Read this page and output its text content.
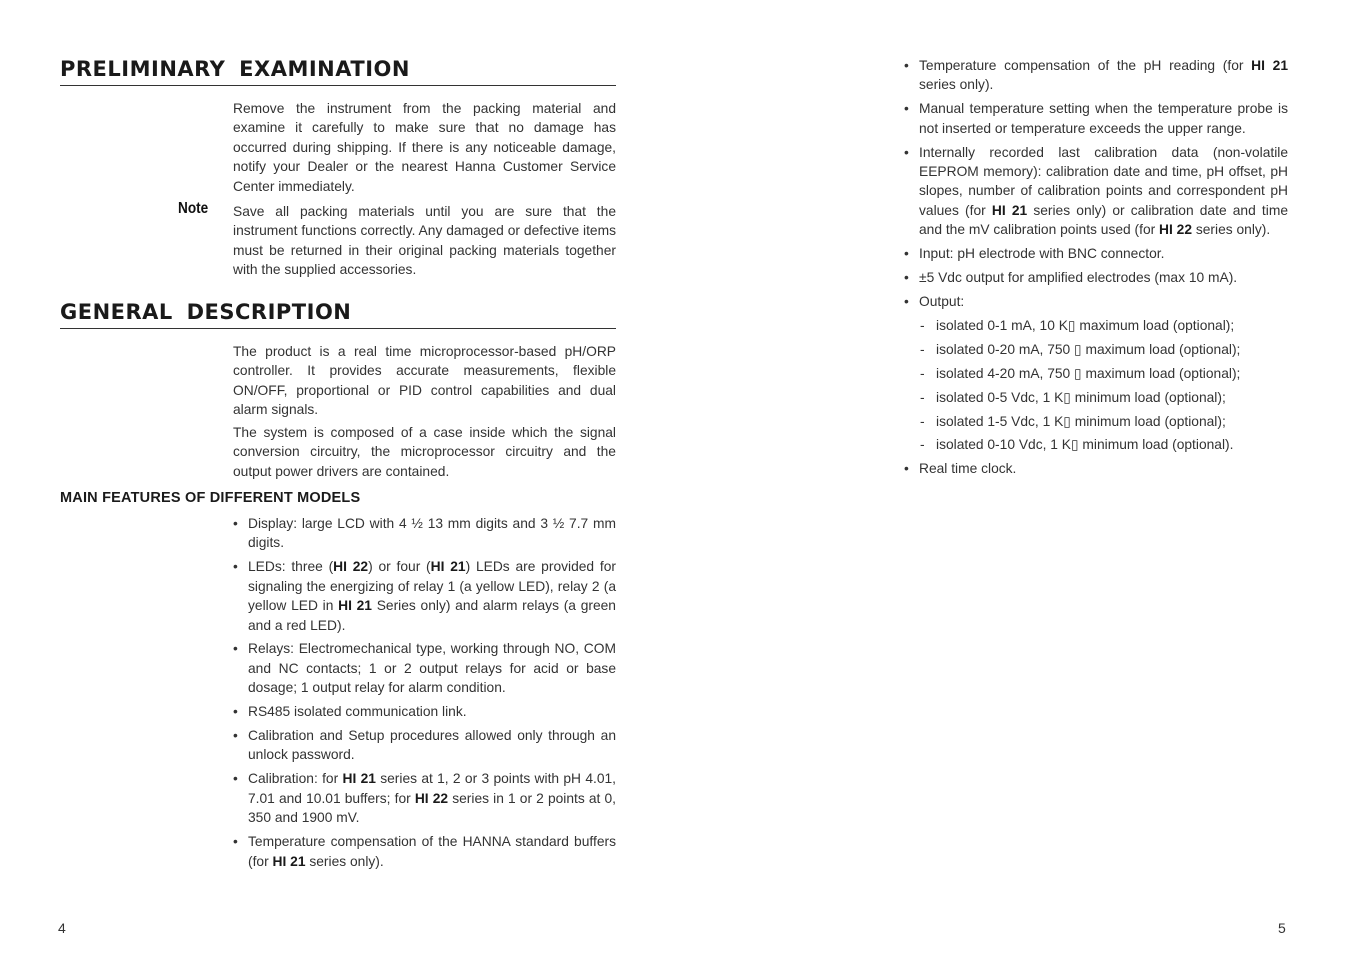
PRELIMINARY EXAMINATION

Remove the instrument from the packing material and examine it carefully to make sure that no damage has occurred during shipping. If there is any noticeable damage, notify your Dealer or the nearest Hanna Customer Service Center immediately.

Note Save all packing materials until you are sure that the instrument functions correctly. Any damaged or defective items must be returned in their original packing materials together with the supplied accessories.

GENERAL DESCRIPTION

The product is a real time microprocessor-based pH/ORP controller. It provides accurate measurements, flexible ON/OFF, proportional or PID control capabilities and dual alarm signals.

The system is composed of a case inside which the signal conversion circuitry, the microprocessor circuitry and the output power drivers are contained.

MAIN FEATURES OF DIFFERENT MODELS
• Display: large LCD with 4 ½ 13 mm digits and 3 ½ 7.7 mm digits.
• LEDs: three (HI 22) or four (HI 21) LEDs are provided for signaling the energizing of relay 1 (a yellow LED), relay 2 (a yellow LED in HI 21 Series only) and alarm relays (a green and a red LED).
• Relays: Electromechanical type, working through NO, COM and NC contacts; 1 or 2 output relays for acid or base dosage; 1 output relay for alarm condition.
• RS485 isolated communication link.
• Calibration and Setup procedures allowed only through an unlock password.
• Calibration: for HI 21 series at 1, 2 or 3 points with pH 4.01, 7.01 and 10.01 buffers; for HI 22 series in 1 or 2 points at 0, 350 and 1900 mV.
• Temperature compensation of the HANNA standard buffers (for HI 21 series only).

4

• Temperature compensation of the pH reading (for HI 21 series only).
• Manual temperature setting when the temperature probe is not inserted or temperature exceeds the upper range.
• Internally recorded last calibration data (non-volatile EEPROM memory): calibration date and time, pH offset, pH slopes, number of calibration points and correspondent pH values (for HI 21 series only) or calibration date and time and the mV calibration points used (for HI 22 series only).
• Input: pH electrode with BNC connector.
• ±5 Vdc output for amplified electrodes (max 10 mA).
• Output:
- isolated 0-1 mA, 10 K▯ maximum load (optional);
- isolated 0-20 mA, 750 ▯ maximum load (optional);
- isolated 4-20 mA, 750 ▯ maximum load (optional);
- isolated 0-5 Vdc, 1 K▯ minimum load (optional);
- isolated 1-5 Vdc, 1 K▯ minimum load (optional);
- isolated 0-10 Vdc, 1 K▯ minimum load (optional).
• Real time clock.

5
